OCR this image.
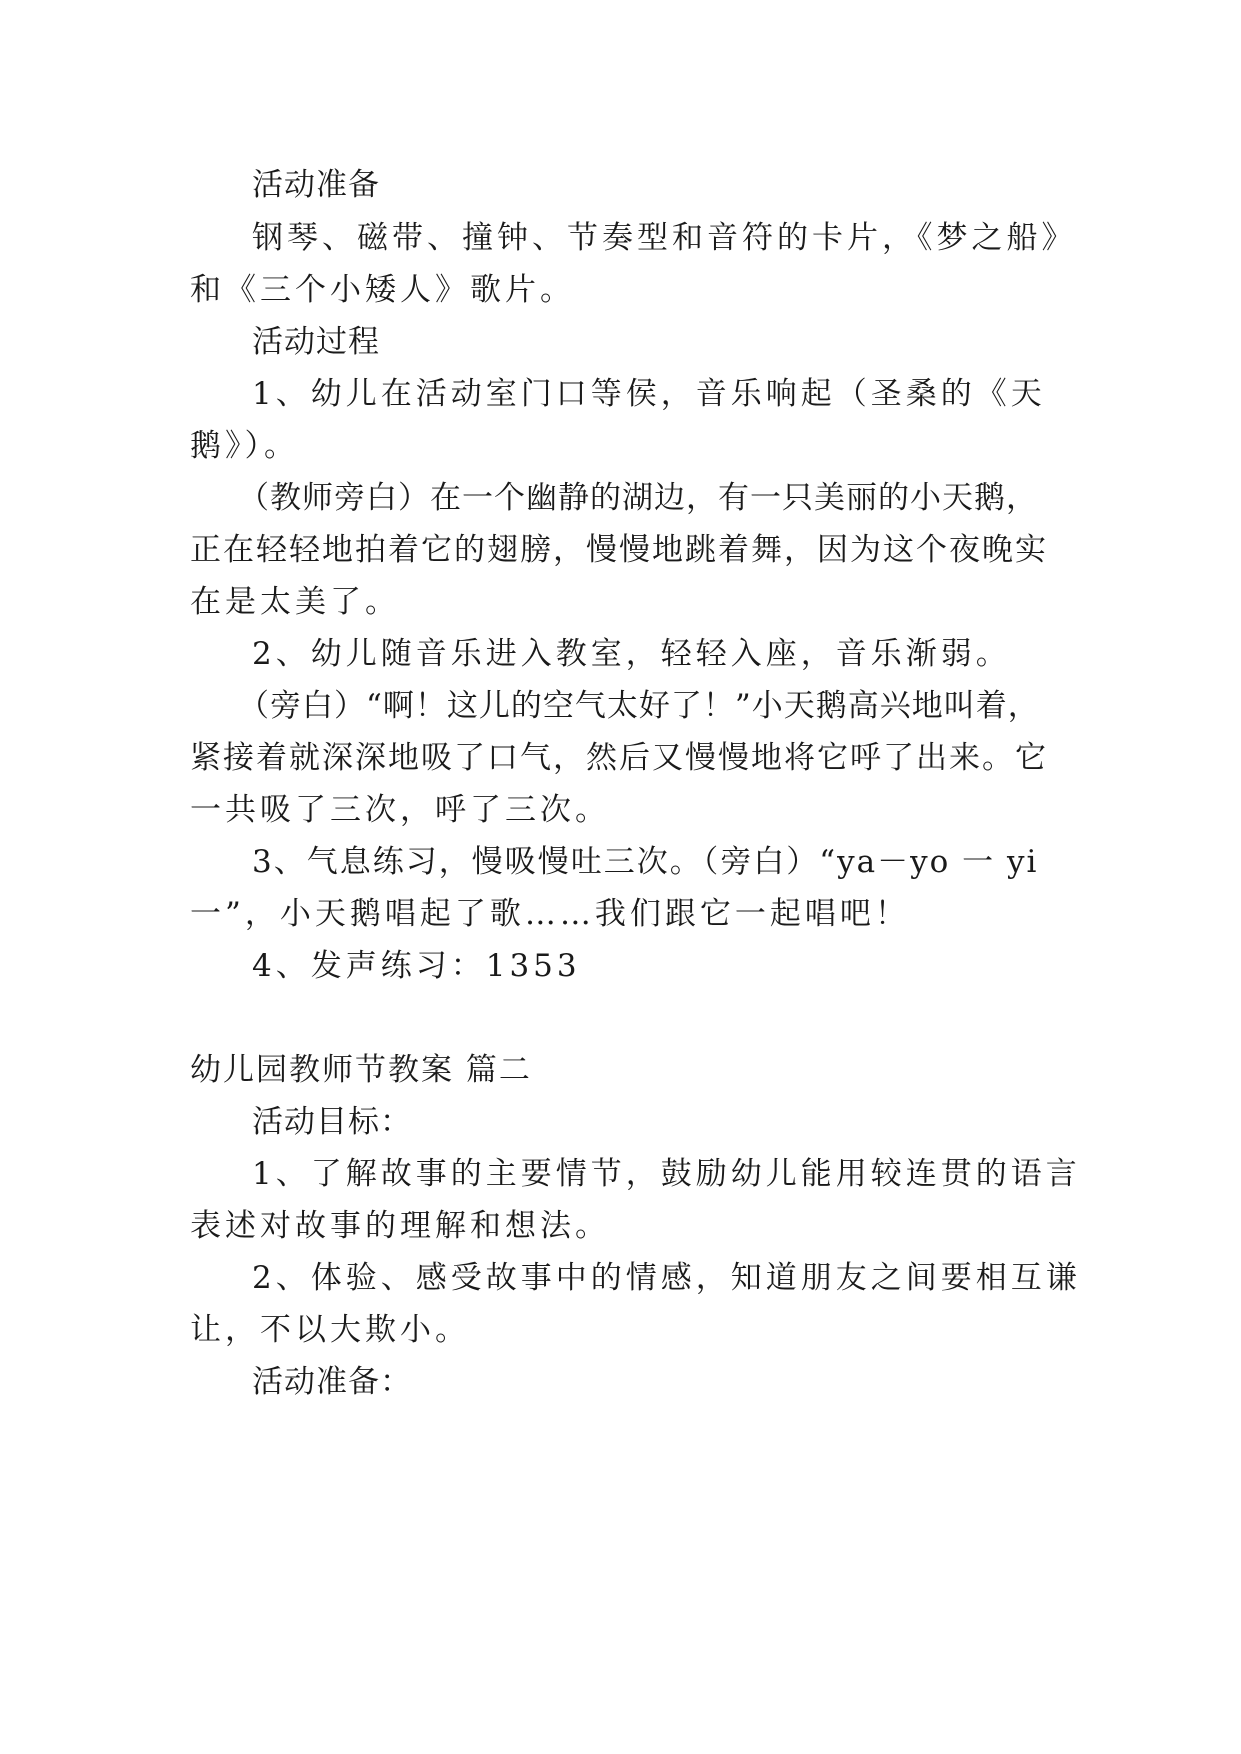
活动准备
钢琴、磁带、撞钟、节奏型和音符的卡片，《梦之船》
和《三个小矮人》歌片。
活动过程
1、幼儿在活动室门口等侯，音乐响起（圣桑的《天
鹅》）。
（教师旁白）在一个幽静的湖边，有一只美丽的小天鹅，
正在轻轻地拍着它的翅膀，慢慢地跳着舞，因为这个夜晚实
在是太美了。
2、幼儿随音乐进入教室，轻轻入座，音乐渐弱。
（旁白）“啊！这儿的空气太好了！”小天鹅高兴地叫着，
紧接着就深深地吸了口气，然后又慢慢地将它呼了出来。它
一共吸了三次，呼了三次。
3、气息练习，慢吸慢吐三次。（旁白）“ya－yo 一 yi
一”，小天鹅唱起了歌……我们跟它一起唱吧！
4、发声练习：1353
幼儿园教师节教案 篇二
活动目标：
1、了解故事的主要情节，鼓励幼儿能用较连贯的语言
表述对故事的理解和想法。
2、体验、感受故事中的情感，知道朋友之间要相互谦
让，不以大欺小。
活动准备：
